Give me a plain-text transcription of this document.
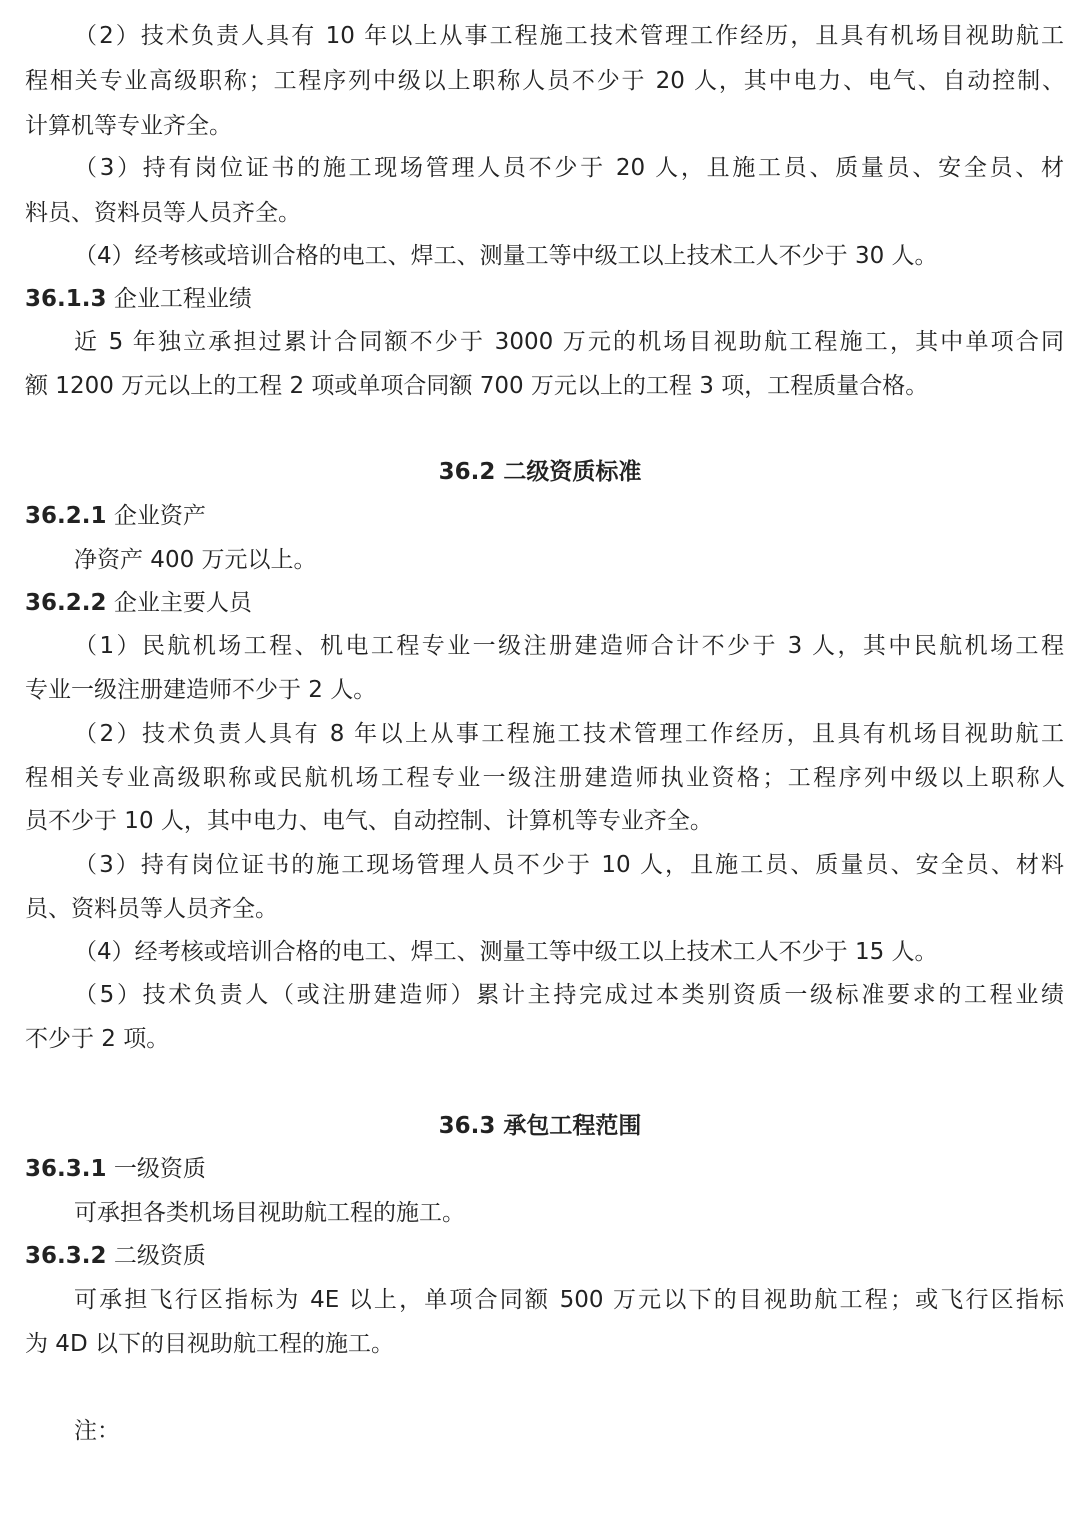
（2）技术负责人具有 10 年以上从事工程施工技术管理工作经历，且具有机场目视助航工

程相关专业高级职称；工程序列中级以上职称人员不少于 20 人，其中电力、电气、自动控制、

计算机等专业齐全。

（3）持有岗位证书的施工现场管理人员不少于 20 人，且施工员、质量员、安全员、材

料员、资料员等人员齐全。

（4）经考核或培训合格的电工、焊工、测量工等中级工以上技术工人不少于 30 人。

36.1.3 企业工程业绩

近 5 年独立承担过累计合同额不少于 3000 万元的机场目视助航工程施工，其中单项合同

额 1200 万元以上的工程 2 项或单项合同额 700 万元以上的工程 3 项，工程质量合格。

36.2 二级资质标准
36.2.1 企业资产

净资产 400 万元以上。

36.2.2 企业主要人员

（1）民航机场工程、机电工程专业一级注册建造师合计不少于 3 人，其中民航机场工程

专业一级注册建造师不少于 2 人。

（2）技术负责人具有 8 年以上从事工程施工技术管理工作经历，且具有机场目视助航工

程相关专业高级职称或民航机场工程专业一级注册建造师执业资格；工程序列中级以上职称人

员不少于 10 人，其中电力、电气、自动控制、计算机等专业齐全。

（3）持有岗位证书的施工现场管理人员不少于 10 人，且施工员、质量员、安全员、材料

员、资料员等人员齐全。

（4）经考核或培训合格的电工、焊工、测量工等中级工以上技术工人不少于 15 人。

（5）技术负责人（或注册建造师）累计主持完成过本类别资质一级标准要求的工程业绩

不少于 2 项。

36.3 承包工程范围
36.3.1 一级资质

可承担各类机场目视助航工程的施工。

36.3.2 二级资质

可承担飞行区指标为 4E 以上，单项合同额 500 万元以下的目视助航工程；或飞行区指标

为 4D 以下的目视助航工程的施工。

注：
